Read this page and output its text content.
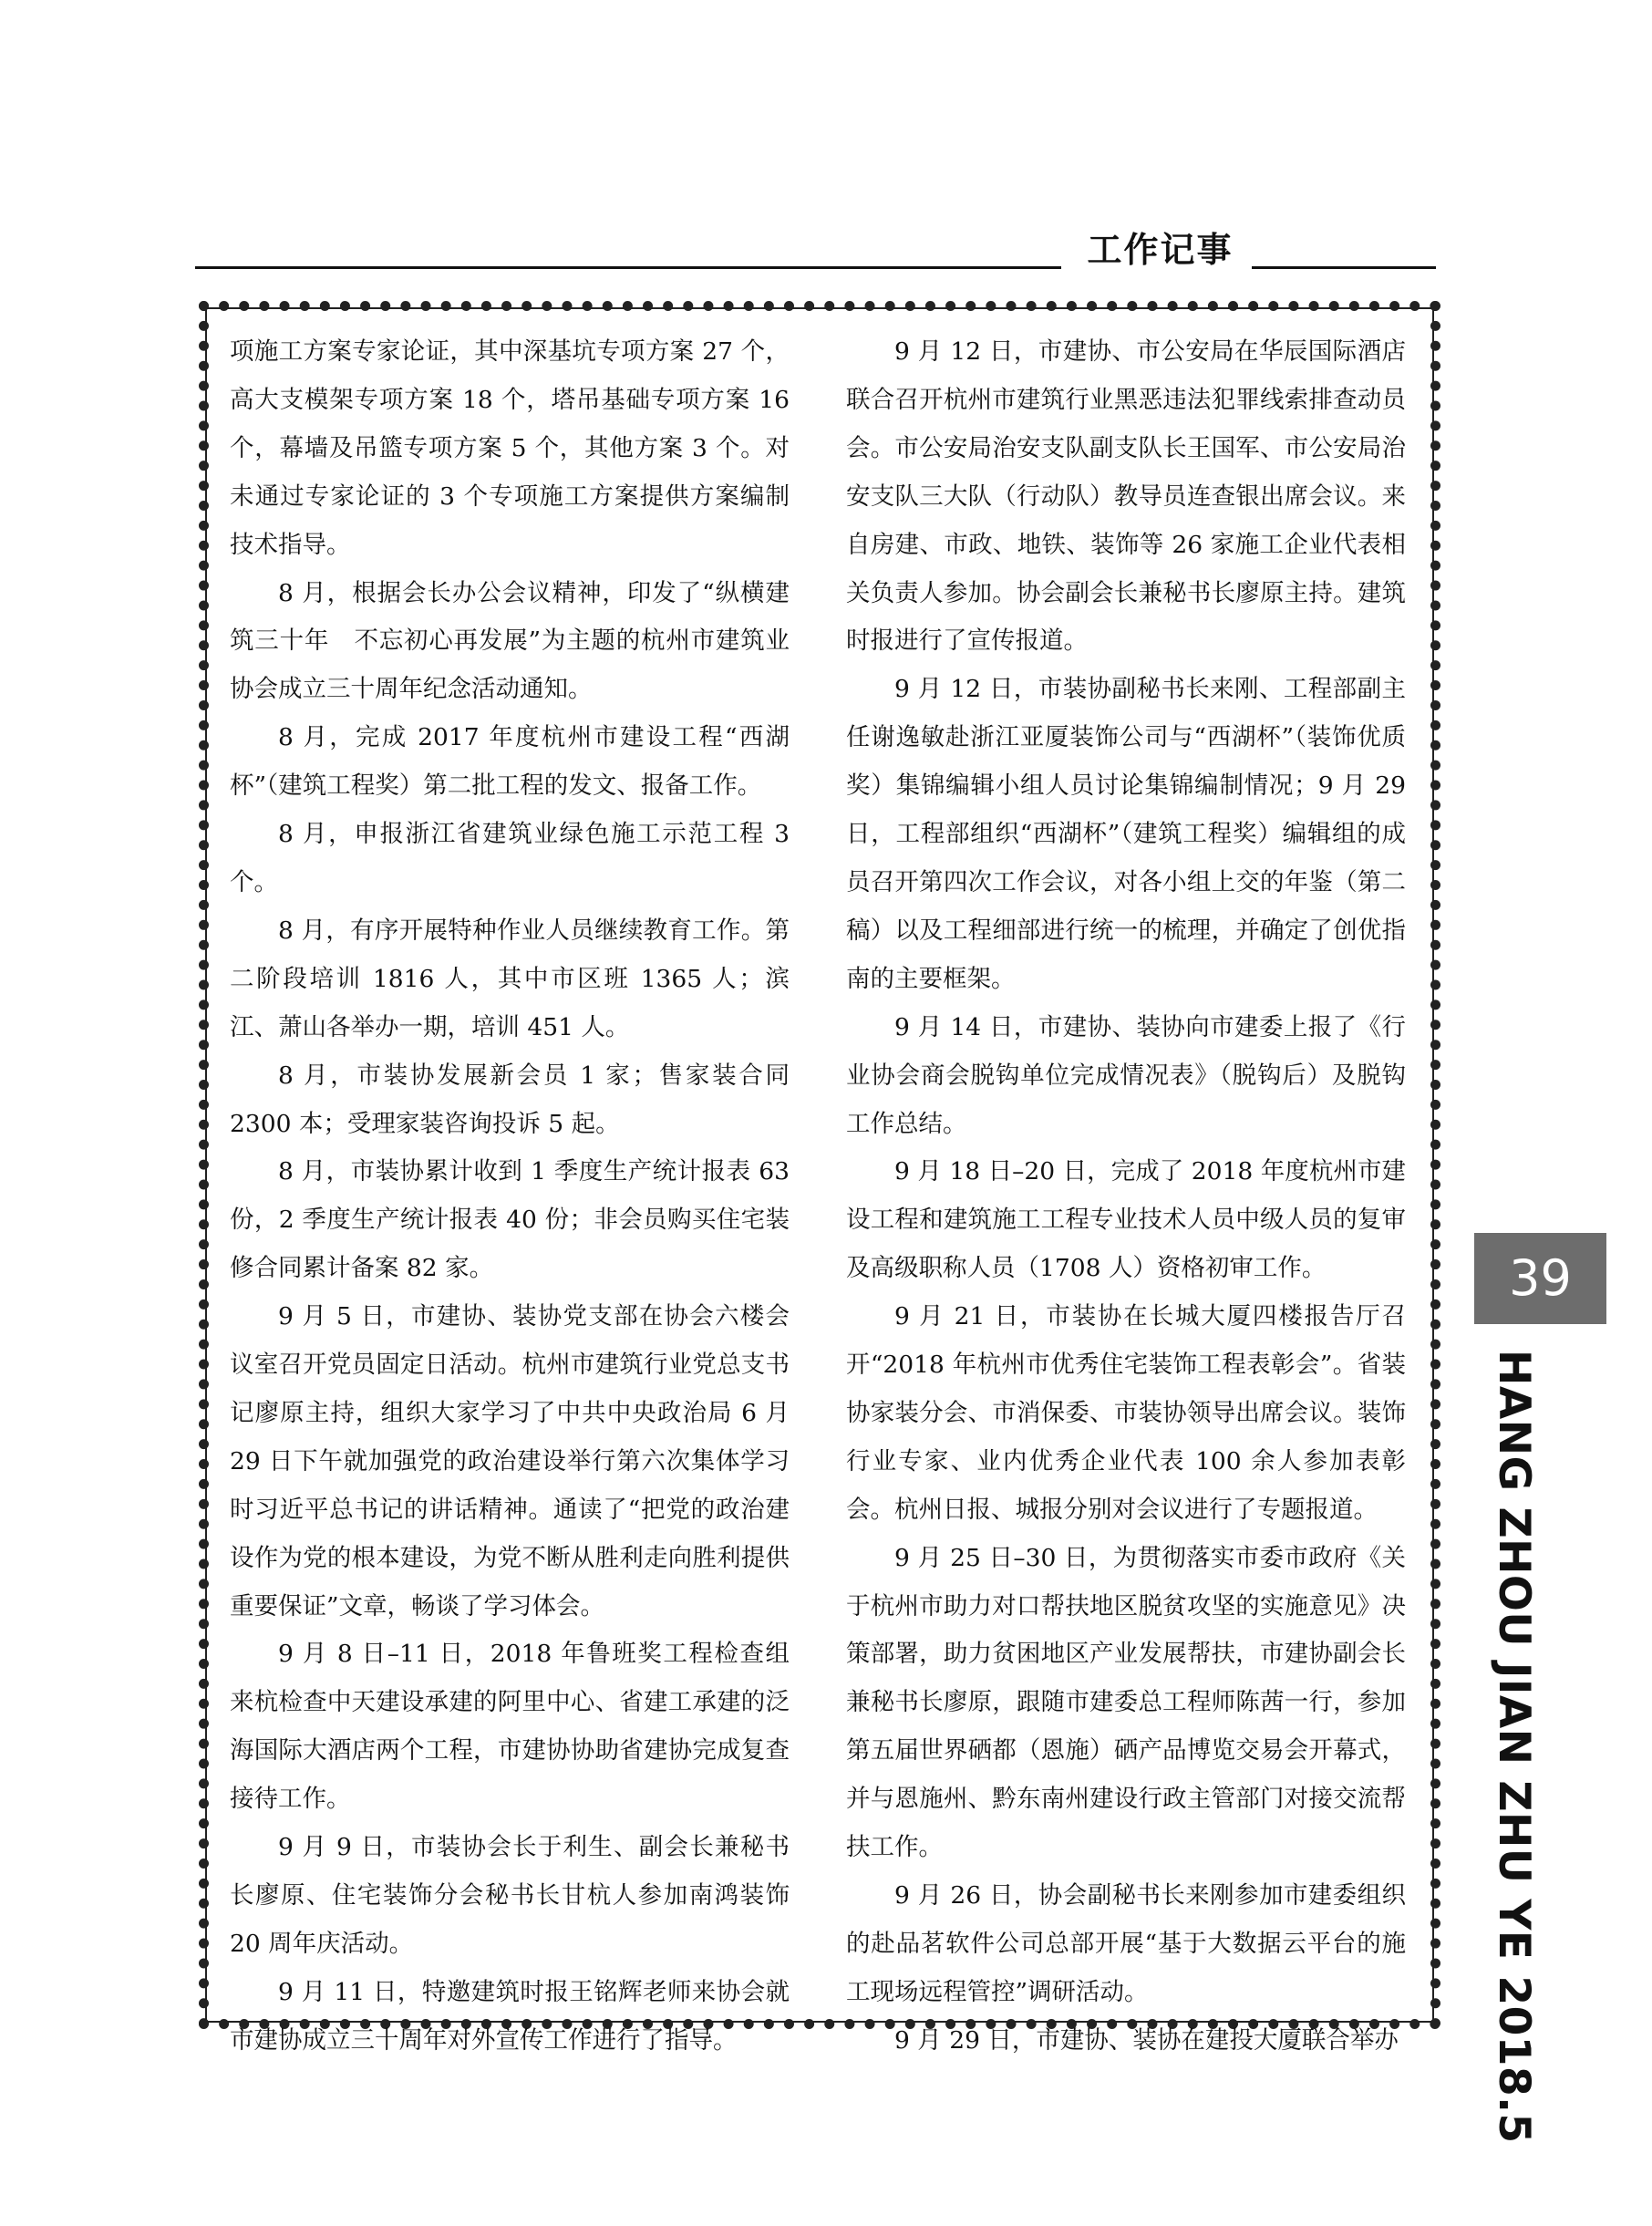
工作记事

项施工方案专家论证，其中深基坑专项方案 27 个，高大支模架专项方案 18 个，塔吊基础专项方案 16 个，幕墙及吊篮专项方案 5 个，其他方案 3 个。对未通过专家论证的 3 个专项施工方案提供方案编制技术指导。

8 月，根据会长办公会议精神，印发了“纵横建筑三十年　不忘初心再发展”为主题的杭州市建筑业协会成立三十周年纪念活动通知。

8 月，完成 2017 年度杭州市建设工程“西湖杯”（建筑工程奖）第二批工程的发文、报备工作。

8 月，申报浙江省建筑业绿色施工示范工程 3 个。

8 月，有序开展特种作业人员继续教育工作。第二阶段培训 1816 人，其中市区班 1365 人；滨江、萧山各举办一期，培训 451 人。

8 月，市装协发展新会员 1 家；售家装合同 2300 本；受理家装咨询投诉 5 起。

8 月，市装协累计收到 1 季度生产统计报表 63 份，2 季度生产统计报表 40 份；非会员购买住宅装修合同累计备案 82 家。

9 月 5 日，市建协、装协党支部在协会六楼会议室召开党员固定日活动。杭州市建筑行业党总支书记廖原主持，组织大家学习了中共中央政治局 6 月 29 日下午就加强党的政治建设举行第六次集体学习时习近平总书记的讲话精神。通读了“把党的政治建设作为党的根本建设，为党不断从胜利走向胜利提供重要保证”文章，畅谈了学习体会。

9 月 8 日–11 日，2018 年鲁班奖工程检查组来杭检查中天建设承建的阿里中心、省建工承建的泛海国际大酒店两个工程，市建协协助省建协完成复查接待工作。

9 月 9 日，市装协会长于利生、副会长兼秘书长廖原、住宅装饰分会秘书长甘杭人参加南鸿装饰 20 周年庆活动。

9 月 11 日，特邀建筑时报王铭辉老师来协会就市建协成立三十周年对外宣传工作进行了指导。

9 月 12 日，市建协、市公安局在华辰国际酒店联合召开杭州市建筑行业黑恶违法犯罪线索排查动员会。市公安局治安支队副支队长王国军、市公安局治安支队三大队（行动队）教导员连查银出席会议。来自房建、市政、地铁、装饰等 26 家施工企业代表相关负责人参加。协会副会长兼秘书长廖原主持。建筑时报进行了宣传报道。

9 月 12 日，市装协副秘书长来刚、工程部副主任谢逸敏赴浙江亚厦装饰公司与“西湖杯”（装饰优质奖）集锦编辑小组人员讨论集锦编制情况；9 月 29 日，工程部组织“西湖杯”（建筑工程奖）编辑组的成员召开第四次工作会议，对各小组上交的年鉴（第二稿）以及工程细部进行统一的梳理，并确定了创优指南的主要框架。

9 月 14 日，市建协、装协向市建委上报了《行业协会商会脱钩单位完成情况表》（脱钩后）及脱钩工作总结。

9 月 18 日–20 日，完成了 2018 年度杭州市建设工程和建筑施工工程专业技术人员中级人员的复审及高级职称人员（1708 人）资格初审工作。

9 月 21 日，市装协在长城大厦四楼报告厅召开“2018 年杭州市优秀住宅装饰工程表彰会”。省装协家装分会、市消保委、市装协领导出席会议。装饰行业专家、业内优秀企业代表 100 余人参加表彰会。杭州日报、城报分别对会议进行了专题报道。

9 月 25 日–30 日，为贯彻落实市委市政府《关于杭州市助力对口帮扶地区脱贫攻坚的实施意见》决策部署，助力贫困地区产业发展帮扶，市建协副会长兼秘书长廖原，跟随市建委总工程师陈茜一行，参加第五届世界硒都（恩施）硒产品博览交易会开幕式，并与恩施州、黔东南州建设行政主管部门对接交流帮扶工作。

9 月 26 日，协会副秘书长来刚参加市建委组织的赴品茗软件公司总部开展“基于大数据云平台的施工现场远程管控”调研活动。

9 月 29 日，市建协、装协在建投大厦联合举办

39
HANG ZHOU JIAN ZHU YE 2018.5
